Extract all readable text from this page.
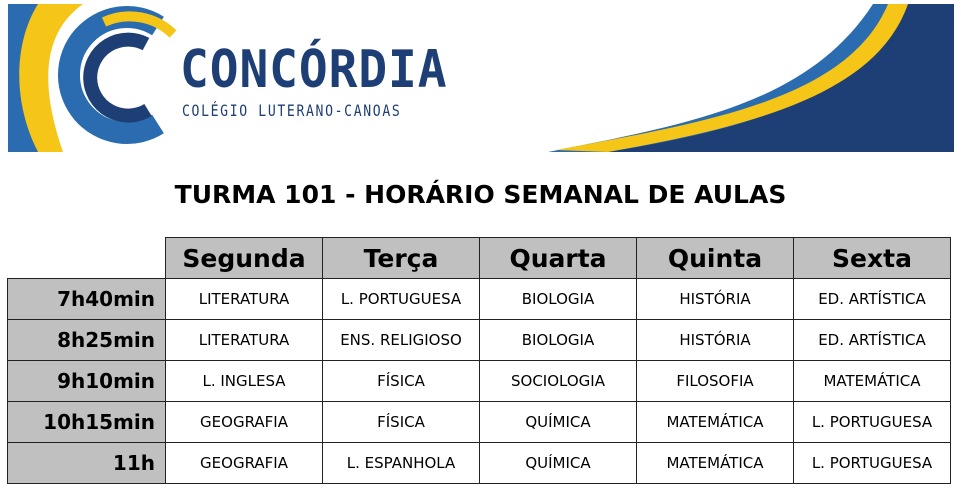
CONCÓRDIA
COLÉGIO LUTERANO-CANOAS
TURMA 101 - HORÁRIO SEMANAL DE AULAS
	Segunda	Terça	Quarta	Quinta	Sexta
7h40min	LITERATURA	L. PORTUGUESA	BIOLOGIA	HISTÓRIA	ED. ARTÍSTICA
8h25min	LITERATURA	ENS. RELIGIOSO	BIOLOGIA	HISTÓRIA	ED. ARTÍSTICA
9h10min	L. INGLESA	FÍSICA	SOCIOLOGIA	FILOSOFIA	MATEMÁTICA
10h15min	GEOGRAFIA	FÍSICA	QUÍMICA	MATEMÁTICA	L. PORTUGUESA
11h	GEOGRAFIA	L. ESPANHOLA	QUÍMICA	MATEMÁTICA	L. PORTUGUESA
